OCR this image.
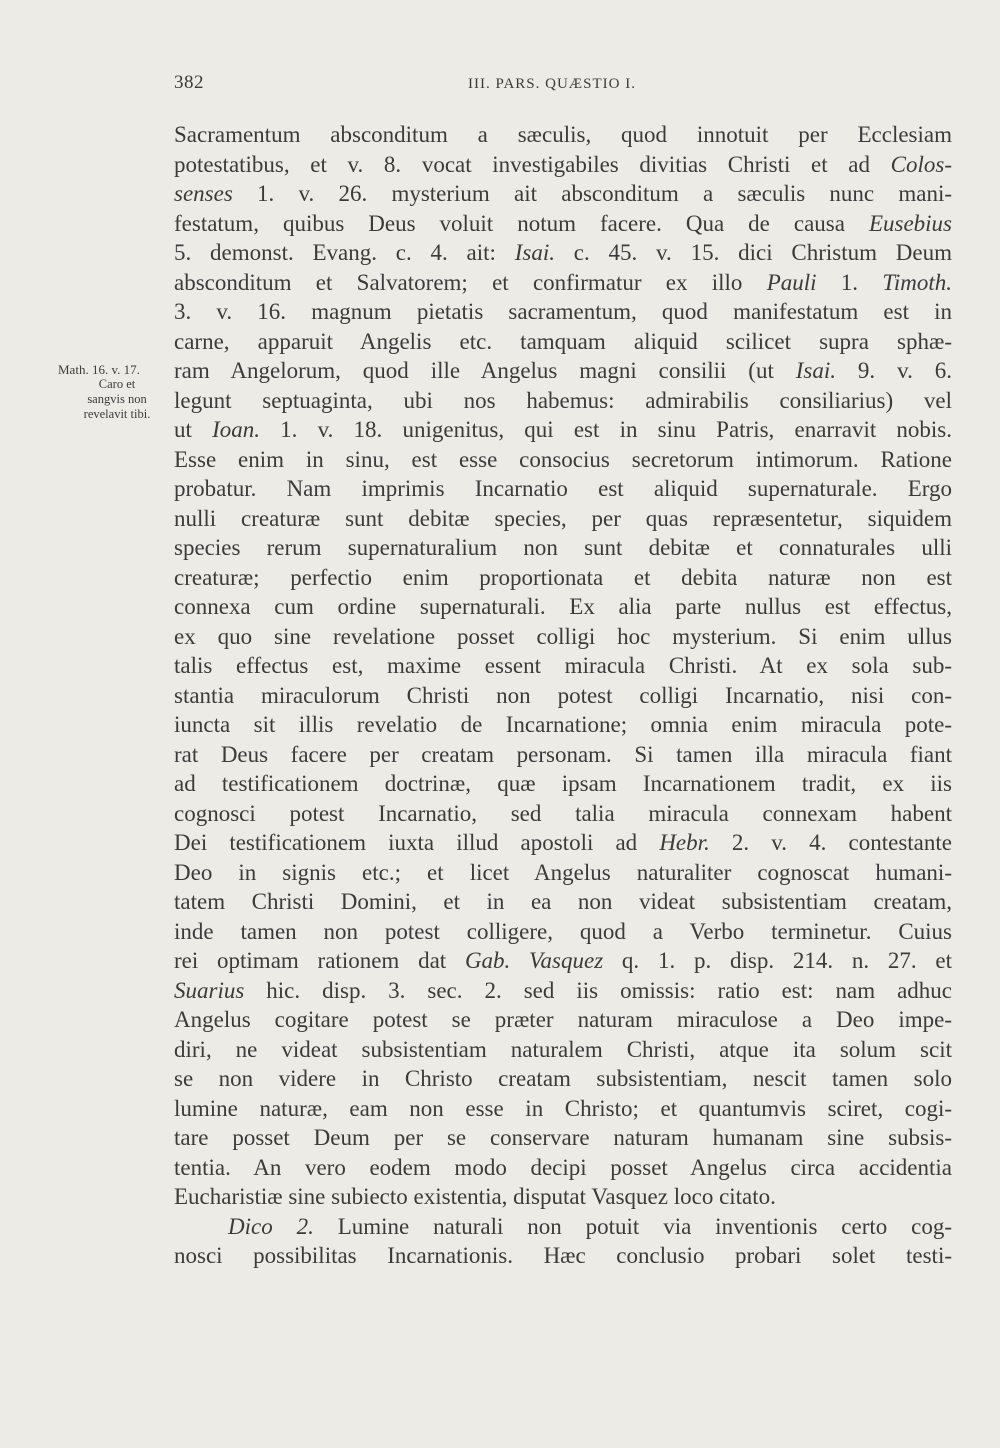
382	III. PARS. QUÆSTIO I.
Math. 16. v. 17.
Caro et
sangvis non
revelavit tibi.
Sacramentum absconditum a sæculis, quod innotuit per Ecclesiam
potestatibus, et v. 8. vocat investigabiles divitias Christi et ad Colos-
senses 1. v. 26. mysterium ait absconditum a sæculis nunc mani-
festatum, quibus Deus voluit notum facere. Qua de causa Eusebius
5. demonst. Evang. c. 4. ait: Isai. c. 45. v. 15. dici Christum Deum
absconditum et Salvatorem; et confirmatur ex illo Pauli 1. Timoth.
3. v. 16. magnum pietatis sacramentum, quod manifestatum est in
carne, apparuit Angelis etc. tamquam aliquid scilicet supra sphæ-
ram Angelorum, quod ille Angelus magni consilii (ut Isai. 9. v. 6.
legunt septuaginta, ubi nos habemus: admirabilis consiliarius) vel
ut Ioan. 1. v. 18. unigenitus, qui est in sinu Patris, enarravit nobis.
Esse enim in sinu, est esse consocius secretorum intimorum. Ratione
probatur. Nam imprimis Incarnatio est aliquid supernaturale. Ergo
nulli creaturæ sunt debitæ species, per quas repræsentetur, siquidem
species rerum supernaturalium non sunt debitæ et connaturales ulli
creaturæ; perfectio enim proportionata et debita naturæ non est
connexa cum ordine supernaturali. Ex alia parte nullus est effectus,
ex quo sine revelatione posset colligi hoc mysterium. Si enim ullus
talis effectus est, maxime essent miracula Christi. At ex sola sub-
stantia miraculorum Christi non potest colligi Incarnatio, nisi con-
iuncta sit illis revelatio de Incarnatione; omnia enim miracula pote-
rat Deus facere per creatam personam. Si tamen illa miracula fiant
ad testificationem doctrinæ, quæ ipsam Incarnationem tradit, ex iis
cognosci potest Incarnatio, sed talia miracula connexam habent
Dei testificationem iuxta illud apostoli ad Hebr. 2. v. 4. contestante
Deo in signis etc.; et licet Angelus naturaliter cognoscat humani-
tatem Christi Domini, et in ea non videat subsistentiam creatam,
inde tamen non potest colligere, quod a Verbo terminetur. Cuius
rei optimam rationem dat Gab. Vasquez q. 1. p. disp. 214. n. 27. et
Suarius hic. disp. 3. sec. 2. sed iis omissis: ratio est: nam adhuc
Angelus cogitare potest se præter naturam miraculose a Deo impe-
diri, ne videat subsistentiam naturalem Christi, atque ita solum scit
se non videre in Christo creatam subsistentiam, nescit tamen solo
lumine naturæ, eam non esse in Christo; et quantumvis sciret, cogi-
tare posset Deum per se conservare naturam humanam sine subsis-
tentia. An vero eodem modo decipi posset Angelus circa accidentia
Eucharistiæ sine subiecto existentia, disputat Vasquez loco citato.
Dico 2. Lumine naturali non potuit via inventionis certo cog-
nosci possibilitas Incarnationis. Hæc conclusio probari solet testi-
